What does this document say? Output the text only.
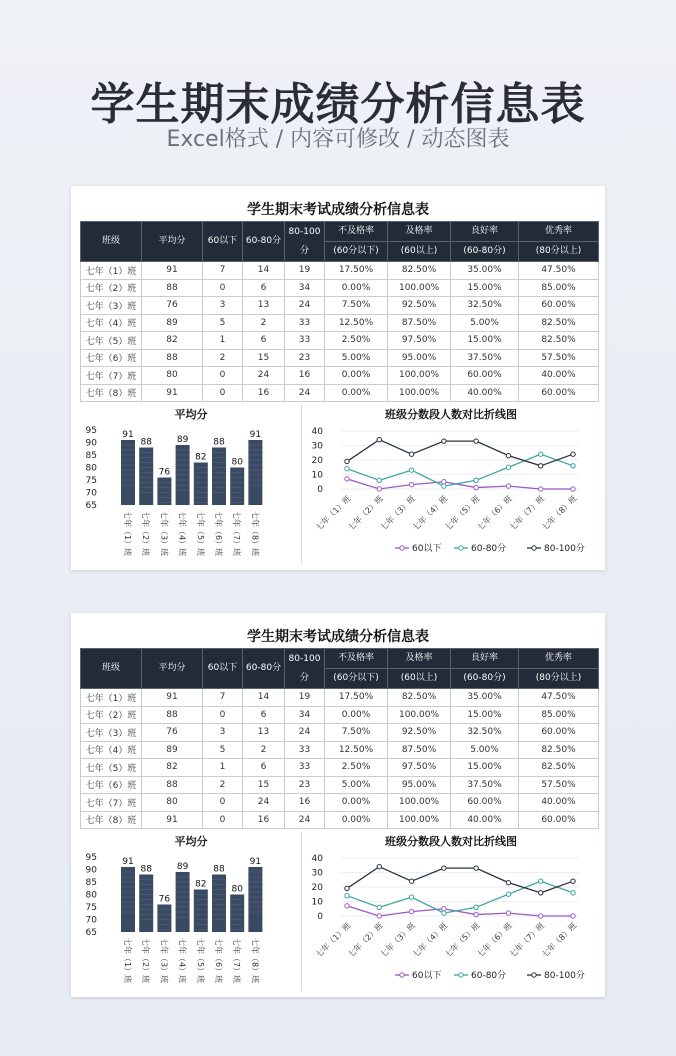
学生期末成绩分析信息表
Excel格式 / 内容可修改 / 动态图表
学生期末考试成绩分析信息表
班级	平均分	60以下	60-80分	80-100分	不及格率	及格率	良好率	优秀率
					(60分以下)	(60以上)	(60-80分)	(80分以上)
七年（1）班	91	7	14	19	17.50%	82.50%	35.00%	47.50%
七年（2）班	88	0	6	34	0.00%	100.00%	15.00%	85.00%
七年（3）班	76	3	13	24	7.50%	92.50%	32.50%	60.00%
七年（4）班	89	5	2	33	12.50%	87.50%	5.00%	82.50%
七年（5）班	82	1	6	33	2.50%	97.50%	15.00%	82.50%
七年（6）班	88	2	15	23	5.00%	95.00%	37.50%	57.50%
七年（7）班	80	0	24	16	0.00%	100.00%	60.00%	40.00%
七年（8）班	91	0	16	24	0.00%	100.00%	40.00%	60.00%
平均分
95
90
85
80
75
70
65
91
七年（1）班
88
七年（2）班
76
七年（3）班
89
七年（4）班
82
七年（5）班
88
七年（6）班
80
七年（7）班
91
七年（8）班
班级分数段人数对比折线图
40
30
20
10
0
七年（1）班
七年（2）班
七年（3）班
七年（4）班
七年（5）班
七年（6）班
七年（7）班
七年（8）班
60以下	60-80分	80-100分
学生期末考试成绩分析信息表
班级	平均分	60以下	60-80分	80-100分	不及格率	及格率	良好率	优秀率
					(60分以下)	(60以上)	(60-80分)	(80分以上)
七年（1）班	91	7	14	19	17.50%	82.50%	35.00%	47.50%
七年（2）班	88	0	6	34	0.00%	100.00%	15.00%	85.00%
七年（3）班	76	3	13	24	7.50%	92.50%	32.50%	60.00%
七年（4）班	89	5	2	33	12.50%	87.50%	5.00%	82.50%
七年（5）班	82	1	6	33	2.50%	97.50%	15.00%	82.50%
七年（6）班	88	2	15	23	5.00%	95.00%	37.50%	57.50%
七年（7）班	80	0	24	16	0.00%	100.00%	60.00%	40.00%
七年（8）班	91	0	16	24	0.00%	100.00%	40.00%	60.00%
平均分
95
90
85
80
75
70
65
91
七年（1）班
88
七年（2）班
76
七年（3）班
89
七年（4）班
82
七年（5）班
88
七年（6）班
80
七年（7）班
91
七年（8）班
班级分数段人数对比折线图
40
30
20
10
0
七年（1）班
七年（2）班
七年（3）班
七年（4）班
七年（5）班
七年（6）班
七年（7）班
七年（8）班
60以下	60-80分	80-100分
